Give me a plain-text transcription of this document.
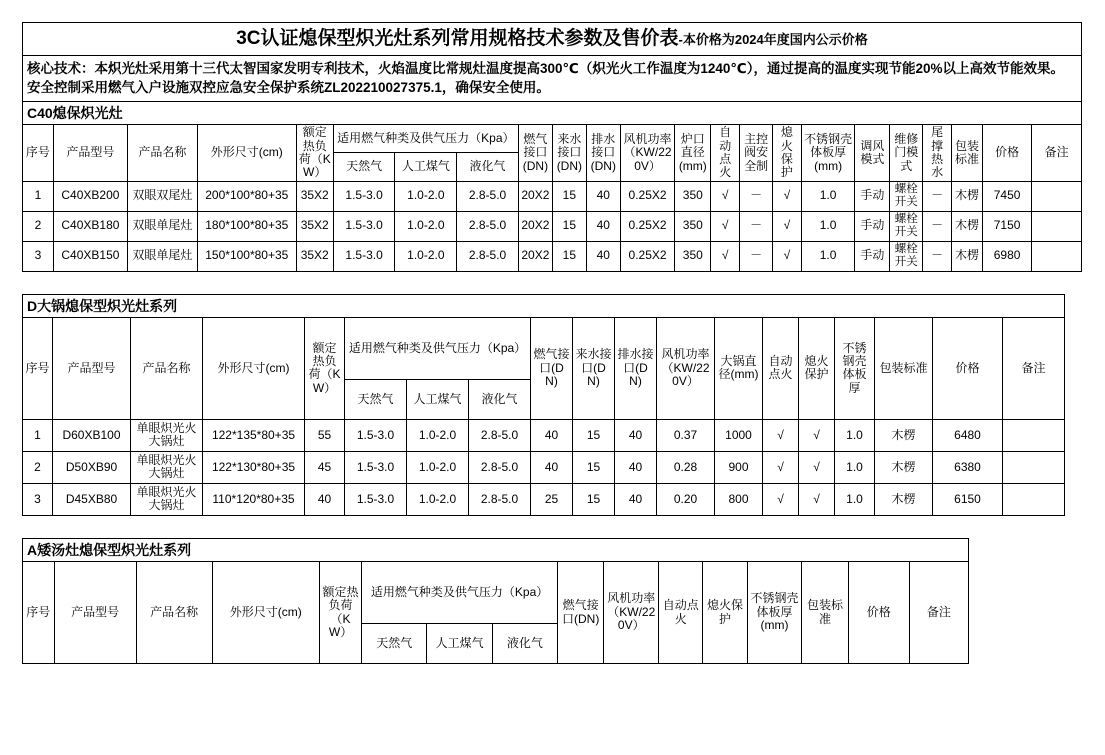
3C认证熄保型炽光灶系列常用规格技术参数及售价表-本价格为2024年度国内公示价格																						
核心技术：本炽光灶采用第十三代太智国家发明专利技术，火焰温度比常规灶温度提高300℃（炽光火工作温度为1240℃），通过提高的温度实现节能20%以上高效节能效果。安全控制采用燃气入户设施双控应急安全保护系统ZL202210027375.1，确保安全使用。																						
C40熄保炽光灶																						
序号	产品型号	产品名称	外形尺寸(cm)	额定热负荷（KW）	适用燃气种类及供气压力（Kpa）			燃气接口(DN)	来水接口(DN)	排水接口(DN)	风机功率（KW/220V）	炉口直径(mm)	自动点火	主控阀安全制	熄火保护	不锈钢壳体板厚(mm)	调风模式	维修门模式	尾撑热水	包装标准	价格	备注
					天然气	人工煤气	液化气															
1	C40XB200	双眼双尾灶	200*100*80+35	35X2	1.5-3.0	1.0-2.0	2.8-5.0	20X2	15	40	0.25X2	350	√	－	√	1.0	手动	螺栓开关	－	木楞	7450	
2	C40XB180	双眼单尾灶	180*100*80+35	35X2	1.5-3.0	1.0-2.0	2.8-5.0	20X2	15	40	0.25X2	350	√	－	√	1.0	手动	螺栓开关	－	木楞	7150	
3	C40XB150	双眼单尾灶	150*100*80+35	35X2	1.5-3.0	1.0-2.0	2.8-5.0	20X2	15	40	0.25X2	350	√	－	√	1.0	手动	螺栓开关	－	木楞	6980	
D大锅熄保型炽光灶系列																		
序号	产品型号	产品名称	外形尺寸(cm)	额定热负荷（KW）	适用燃气种类及供气压力（Kpa）			燃气接口(DN)	来水接口(DN)	排水接口(DN)	风机功率（KW/220V）	大锅直径(mm)	自动点火	熄火保护	不锈钢壳体板厚	包装标准	价格	备注
					天然气	人工煤气	液化气											
1	D60XB100	单眼炽光火大锅灶	122*135*80+35	55	1.5-3.0	1.0-2.0	2.8-5.0	40	15	40	0.37	1000	√	√	1.0	木楞	6480	
2	D50XB90	单眼炽光火大锅灶	122*130*80+35	45	1.5-3.0	1.0-2.0	2.8-5.0	40	15	40	0.28	900	√	√	1.0	木楞	6380	
3	D45XB80	单眼炽光火大锅灶	110*120*80+35	40	1.5-3.0	1.0-2.0	2.8-5.0	25	15	40	0.20	800	√	√	1.0	木楞	6150	
A矮汤灶熄保型炽光灶系列															
序号	产品型号	产品名称	外形尺寸(cm)	额定热负荷（KW）	适用燃气种类及供气压力（Kpa）			燃气接口(DN)	风机功率（KW/220V）	自动点火	熄火保护	不锈钢壳体板厚(mm)	包装标准	价格	备注
					天然气	人工煤气	液化气								
